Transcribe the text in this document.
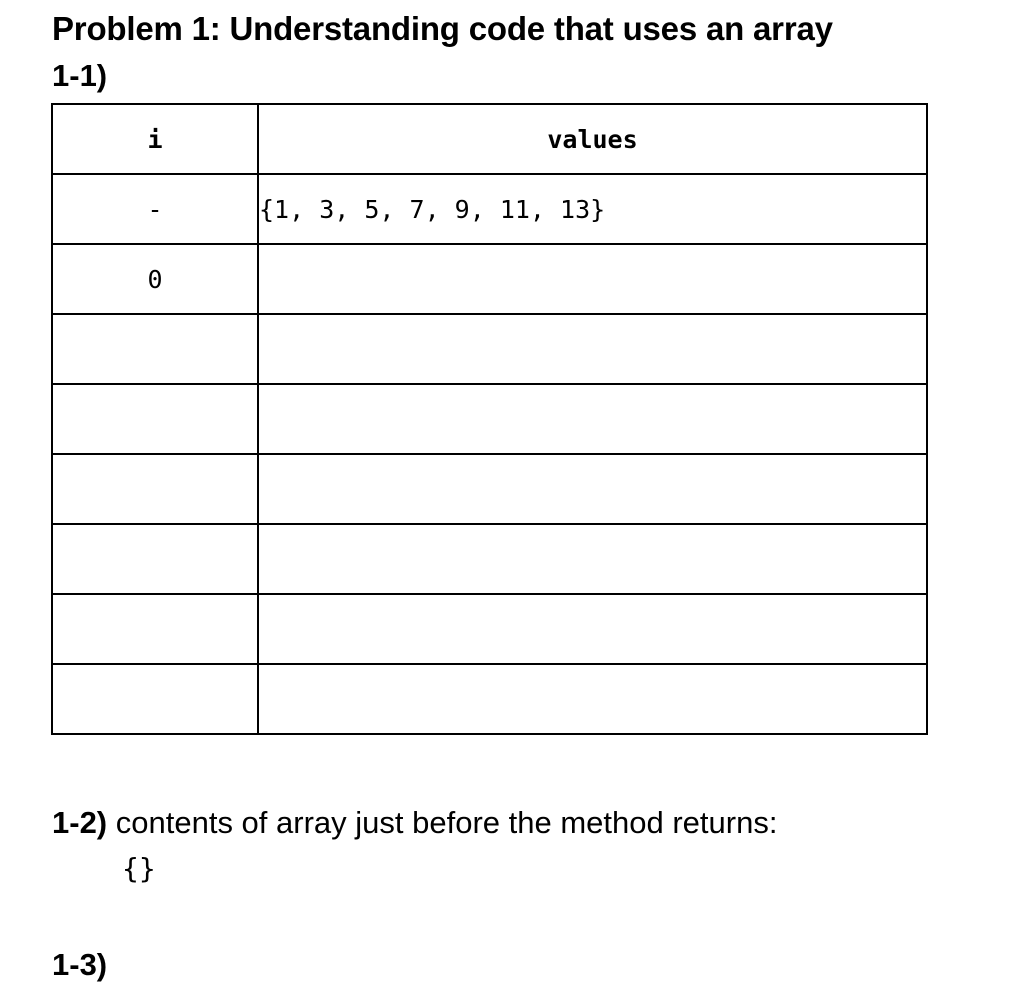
Problem 1: Understanding code that uses an array
1-1)
i	values
-	{1, 3, 5, 7, 9, 11, 13}
0	

1-2) contents of array just before the method returns:
{}
1-3)
